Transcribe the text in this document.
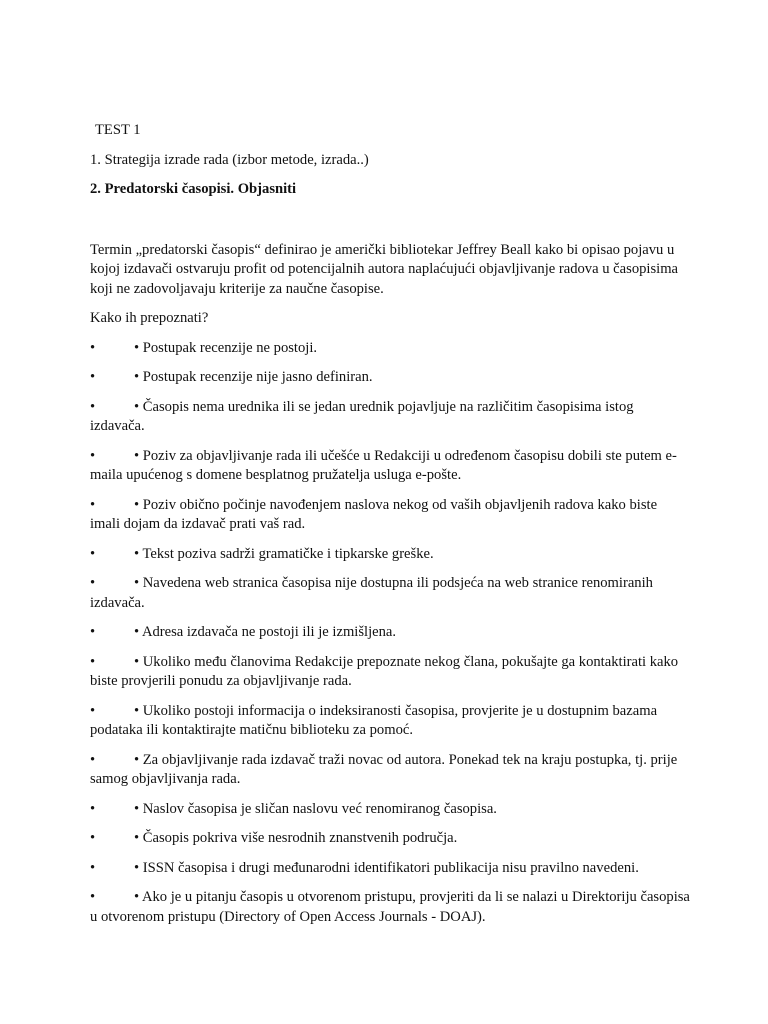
TEST 1

1. Strategija izrade rada (izbor metode, izrada..)

2. Predatorski časopisi. Objasniti

Termin „predatorski časopis“ definirao je američki bibliotekar Jeffrey Beall kako bi opisao pojavu u kojoj izdavači ostvaruju profit od potencijalnih autora naplaćujući objavljivanje radova u časopisima koji ne zadovoljavaju kriterije za naučne časopise.

Kako ih prepoznati?

•	• Postupak recenzije ne postoji.
•	• Postupak recenzije nije jasno definiran.
•	• Časopis nema urednika ili se jedan urednik pojavljuje na različitim časopisima istog izdavača.
•	• Poziv za objavljivanje rada ili učešće u Redakciji u određenom časopisu dobili ste putem e-maila upućenog s domene besplatnog pružatelja usluga e-pošte.
•	• Poziv obično počinje navođenjem naslova nekog od vaših objavljenih radova kako biste imali dojam da izdavač prati vaš rad.
•	• Tekst poziva sadrži gramatičke i tipkarske greške.
•	• Navedena web stranica časopisa nije dostupna ili podsjeća na web stranice renomiranih izdavača.
•	• Adresa izdavača ne postoji ili je izmišljena.
•	• Ukoliko među članovima Redakcije prepoznate nekog člana, pokušajte ga kontaktirati kako biste provjerili ponudu za objavljivanje rada.
•	• Ukoliko postoji informacija o indeksiranosti časopisa, provjerite je u dostupnim bazama podataka ili kontaktirajte matičnu biblioteku za pomoć.
•	• Za objavljivanje rada izdavač traži novac od autora. Ponekad tek na kraju postupka, tj. prije samog objavljivanja rada.
•	• Naslov časopisa je sličan naslovu već renomiranog časopisa.
•	• Časopis pokriva više nesrodnih znanstvenih područja.
•	• ISSN časopisa i drugi međunarodni identifikatori publikacija nisu pravilno navedeni.
•	• Ako je u pitanju časopis u otvorenom pristupu, provjeriti da li se nalazi u Direktoriju časopisa u otvorenom pristupu (Directory of Open Access Journals - DOAJ).
